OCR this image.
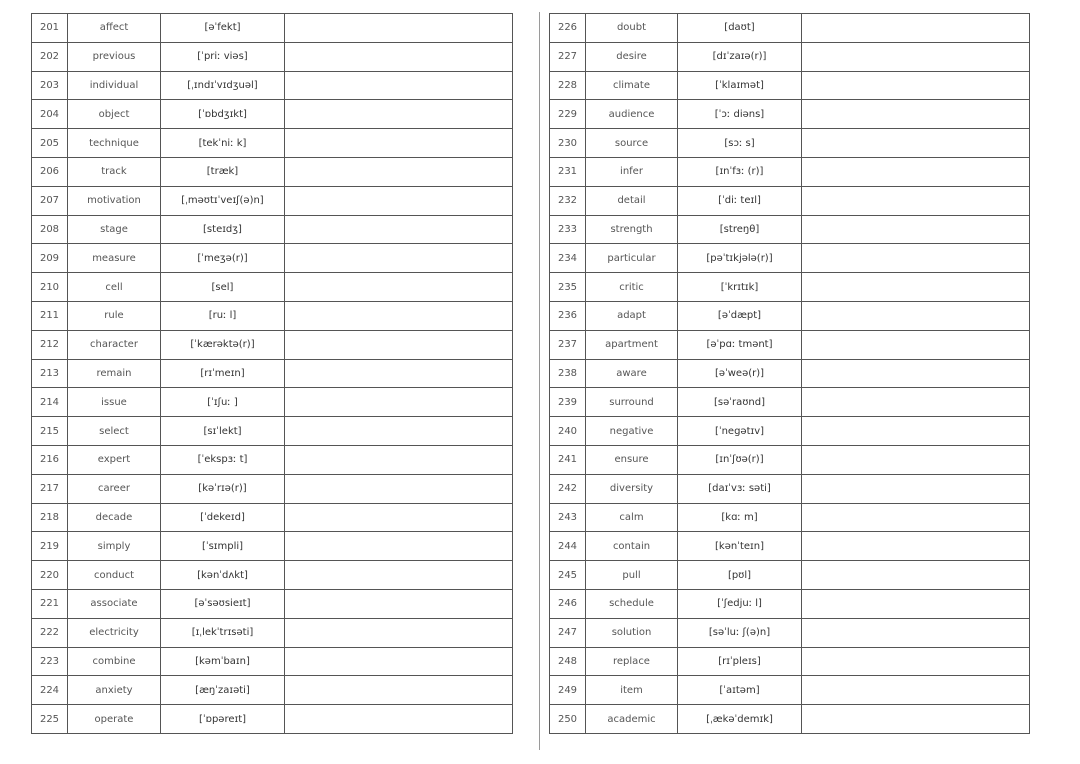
201	affect	[əˈfekt]	
202	previous	[ˈpriː viəs]	
203	individual	[ˌɪndɪˈvɪdʒuəl]	
204	object	[ˈɒbdʒɪkt]	
205	technique	[tekˈniː k]	
206	track	[træk]	
207	motivation	[ˌməʊtɪˈveɪʃ(ə)n]	
208	stage	[steɪdʒ]	
209	measure	[ˈmeʒə(r)]	
210	cell	[sel]	
211	rule	[ruː l]	
212	character	[ˈkærəktə(r)]	
213	remain	[rɪˈmeɪn]	
214	issue	[ˈɪʃuː ]	
215	select	[sɪˈlekt]	
216	expert	[ˈekspɜː t]	
217	career	[kəˈrɪə(r)]	
218	decade	[ˈdekeɪd]	
219	simply	[ˈsɪmpli]	
220	conduct	[kənˈdʌkt]	
221	associate	[əˈsəʊsieɪt]	
222	electricity	[ɪˌlekˈtrɪsəti]	
223	combine	[kəmˈbaɪn]	
224	anxiety	[æŋˈzaɪəti]	
225	operate	[ˈɒpəreɪt]	
226	doubt	[daʊt]	
227	desire	[dɪˈzaɪə(r)]	
228	climate	[ˈklaɪmət]	
229	audience	[ˈɔː diəns]	
230	source	[sɔː s]	
231	infer	[ɪnˈfɜː (r)]	
232	detail	[ˈdiː teɪl]	
233	strength	[streŋθ]	
234	particular	[pəˈtɪkjələ(r)]	
235	critic	[ˈkrɪtɪk]	
236	adapt	[əˈdæpt]	
237	apartment	[əˈpɑː tmənt]	
238	aware	[əˈweə(r)]	
239	surround	[səˈraʊnd]	
240	negative	[ˈnegətɪv]	
241	ensure	[ɪnˈʃʊə(r)]	
242	diversity	[daɪˈvɜː səti]	
243	calm	[kɑː m]	
244	contain	[kənˈteɪn]	
245	pull	[pʊl]	
246	schedule	[ˈʃedjuː l]	
247	solution	[səˈluː ʃ(ə)n]	
248	replace	[rɪˈpleɪs]	
249	item	[ˈaɪtəm]	
250	academic	[ˌækəˈdemɪk]	
